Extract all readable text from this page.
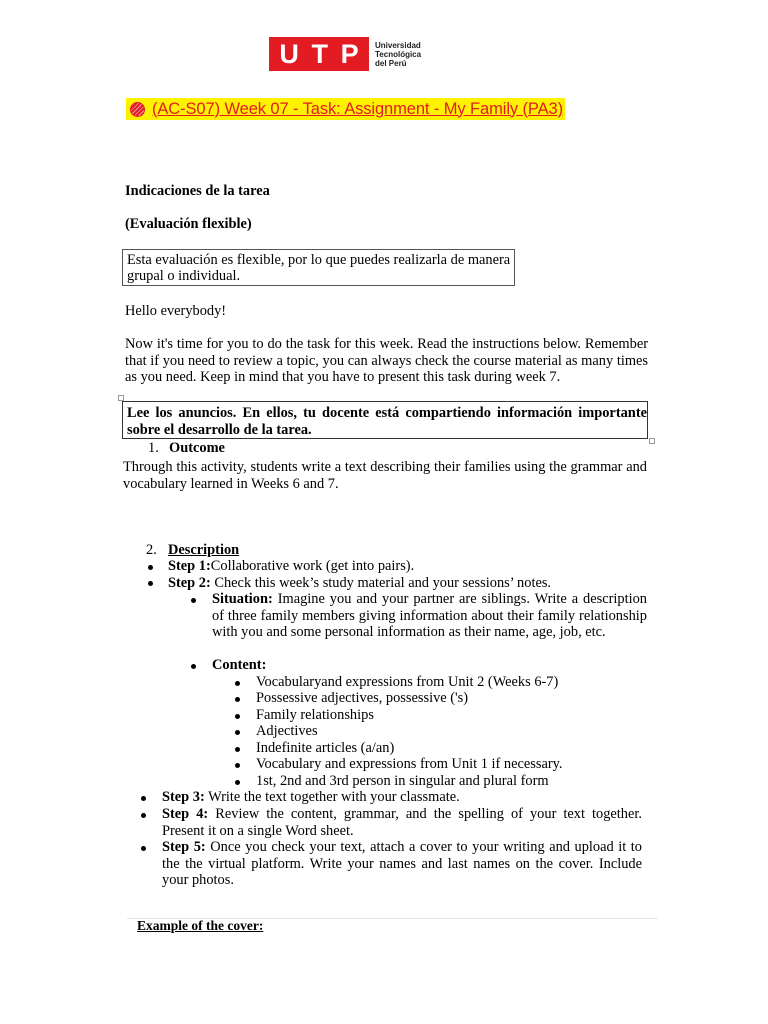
U T P Universidad
Tecnológica
del Perú
(AC-S07) Week 07 - Task: Assignment - My Family (PA3)
Indicaciones de la tarea
(Evaluación flexible)
Esta evaluación es flexible, por lo que puedes realizarla de manera
grupal o individual.
Hello everybody!
Now it's time for you to do the task for this week. Read the instructions below. Remember that if you need to review a topic, you can always check the course material as many times as you need. Keep in mind that you have to present this task during week 7.
Lee los anuncios. En ellos, tu docente está compartiendo información importante sobre el desarrollo de la tarea.
1. Outcome
Through this activity, students write a text describing their families using the grammar and vocabulary learned in Weeks 6 and 7.
2. Description
Step 1:Collaborative work (get into pairs).
Step 2: Check this week’s study material and your sessions’ notes.
Situation: Imagine you and your partner are siblings. Write a description of three family members giving information about their family relationship with you and some personal information as their name, age, job, etc.
Content:
Vocabularyand expressions from Unit 2 (Weeks 6-7)
Possessive adjectives, possessive ('s)
Family relationships
Adjectives
Indefinite articles (a/an)
Vocabulary and expressions from Unit 1 if necessary.
1st, 2nd and 3rd person in singular and plural form
Step 3: Write the text together with your classmate.
Step 4: Review the content, grammar, and the spelling of your text together. Present it on a single Word sheet.
Step 5: Once you check your text, attach a cover to your writing and upload it to the the virtual platform. Write your names and last names on the cover. Include your photos.
Example of the cover:
